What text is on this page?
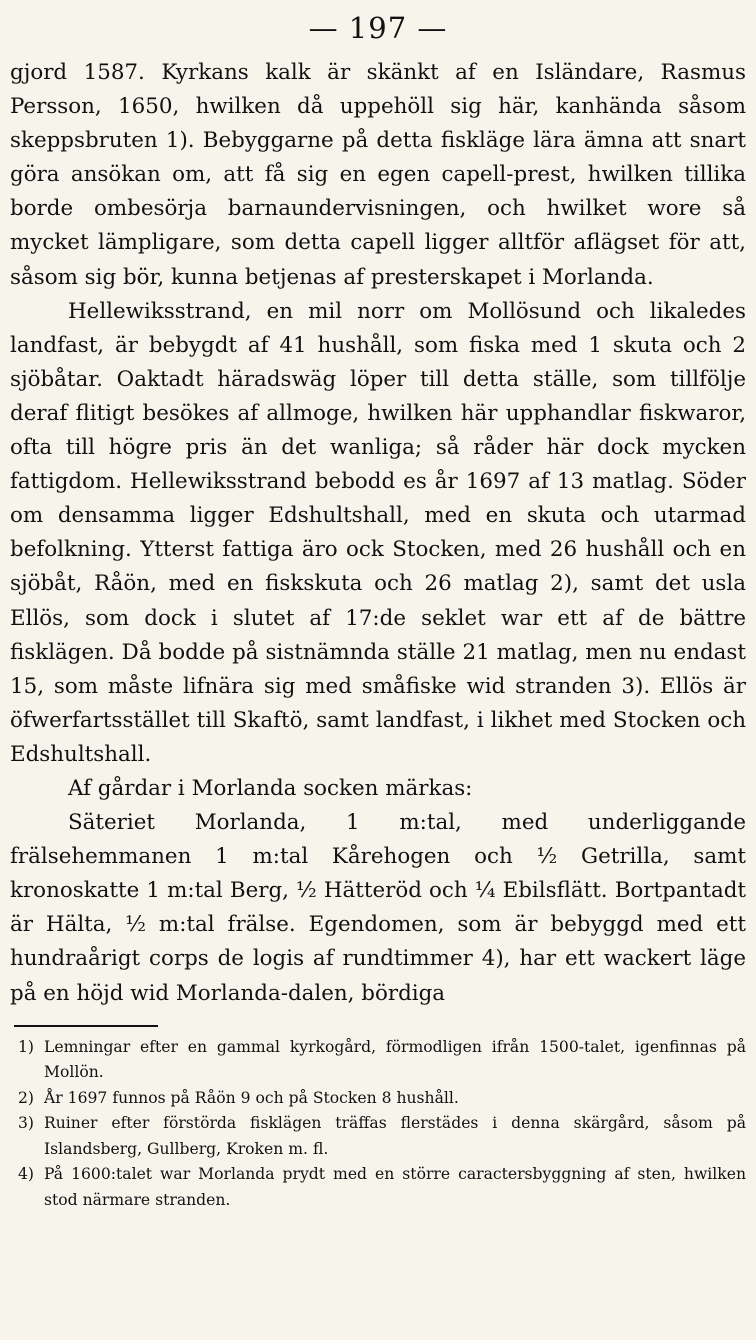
— 197 —

gjord 1587. Kyrkans kalk är skänkt af en Isländare, Rasmus Persson, 1650, hwilken då uppehöll sig här, kanhända såsom skeppsbruten 1). Bebyggarne på detta fiskläge lära ämna att snart göra ansökan om, att få sig en egen capell-prest, hwilken tillika borde ombesörja barnaundervisningen, och hwilket wore så mycket lämpligare, som detta capell ligger alltför aflägset för att, såsom sig bör, kunna betjenas af presterskapet i Morlanda.

Hellewiksstrand, en mil norr om Mollösund och likaledes landfast, är bebygdt af 41 hushåll, som fiska med 1 skuta och 2 sjöbåtar. Oaktadt häradswäg löper till detta ställe, som tillfölje deraf flitigt besökes af allmoge, hwilken här upphandlar fiskwaror, ofta till högre pris än det wanliga; så råder här dock mycken fattigdom. Hellewiksstrand bebodd es år 1697 af 13 matlag. Söder om densamma ligger Edshultshall, med en skuta och utarmad befolkning. Ytterst fattiga äro ock Stocken, med 26 hushåll och en sjöbåt, Råön, med en fiskskuta och 26 matlag 2), samt det usla Ellös, som dock i slutet af 17:de seklet war ett af de bättre fisklägen. Då bodde på sistnämnda ställe 21 matlag, men nu endast 15, som måste lifnära sig med småfiske wid stranden 3). Ellös är öfwerfartsstället till Skaftö, samt landfast, i likhet med Stocken och Edshultshall.

Af gårdar i Morlanda socken märkas:

Säteriet Morlanda, 1 m:tal, med underliggande frälsehemmanen 1 m:tal Kårehogen och ½ Getrilla, samt kronoskatte 1 m:tal Berg, ½ Hätteröd och ¼ Ebilsflätt. Bortpantadt är Hälta, ½ m:tal frälse. Egendomen, som är bebyggd med ett hundraårigt corps de logis af rundtimmer 4), har ett wackert läge på en höjd wid Morlanda-dalen, bördiga

1) Lemningar efter en gammal kyrkogård, förmodligen ifrån 1500-talet, igenfinnas på Mollön.
2) År 1697 funnos på Råön 9 och på Stocken 8 hushåll.
3) Ruiner efter förstörda fisklägen träffas flerstädes i denna skärgård, såsom på Islandsberg, Gullberg, Kroken m. fl.
4) På 1600:talet war Morlanda prydt med en större caractersbyggning af sten, hwilken stod närmare stranden.
